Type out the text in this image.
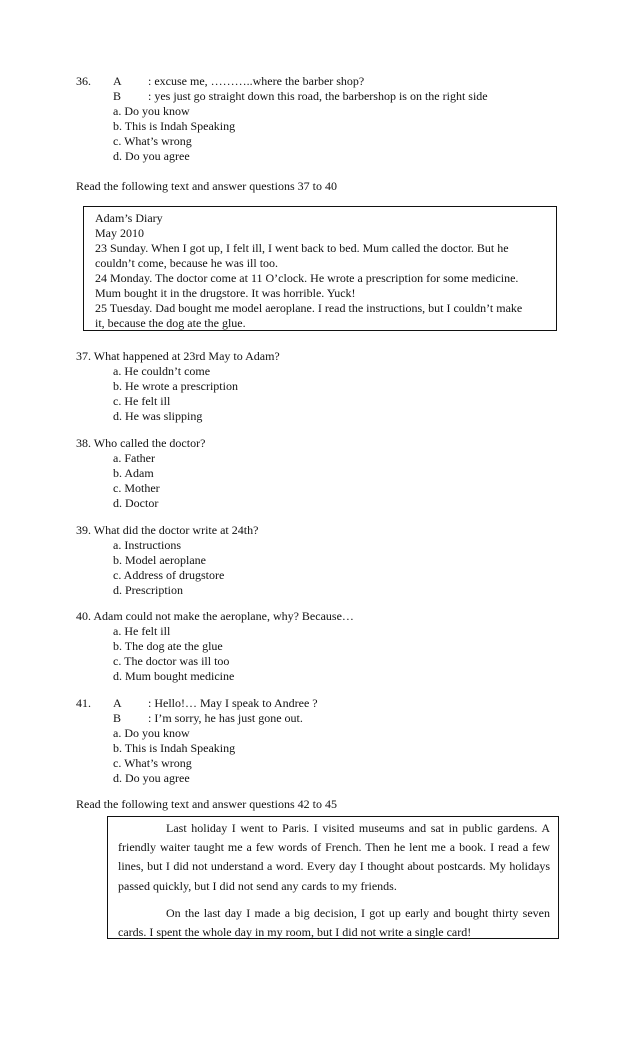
36. A : excuse me, ………..where the barber shop?
B : yes just go straight down this road, the barbershop is on the right side
a. Do you know
b. This is Indah Speaking
c. What’s wrong
d. Do you agree
Read the following text and answer questions 37 to 40
Adam’s Diary
May 2010
23 Sunday. When I got up, I felt ill, I went back to bed. Mum called the doctor. But he
couldn’t come, because he was ill too.
24 Monday. The doctor come at 11 O’clock. He wrote a prescription for some medicine.
Mum bought it in the drugstore. It was horrible. Yuck!
25 Tuesday. Dad bought me model aeroplane. I read the instructions, but I couldn’t make
it, because the dog ate the glue.
37. What happened at 23rd May to Adam?
a. He couldn’t come
b. He wrote a prescription
c. He felt ill
d. He was slipping
38. Who called the doctor?
a. Father
b. Adam
c. Mother
d. Doctor
39. What did the doctor write at 24th?
a. Instructions
b. Model aeroplane
c. Address of drugstore
d. Prescription
40. Adam could not make the aeroplane, why? Because…
a. He felt ill
b. The dog ate the glue
c. The doctor was ill too
d. Mum bought medicine
41. A : Hello!… May I speak to Andree ?
B : I’m sorry, he has just gone out.
a. Do you know
b. This is Indah Speaking
c. What’s wrong
d. Do you agree
Read the following text and answer questions 42 to 45
Last holiday I went to Paris. I visited museums and sat in public gardens. A friendly waiter taught me a few words of French. Then he lent me a book. I read a few lines, but I did not understand a word. Every day I thought about postcards. My holidays passed quickly, but I did not send any cards to my friends.
On the last day I made a big decision, I got up early and bought thirty seven cards. I spent the whole day in my room, but I did not write a single card!
